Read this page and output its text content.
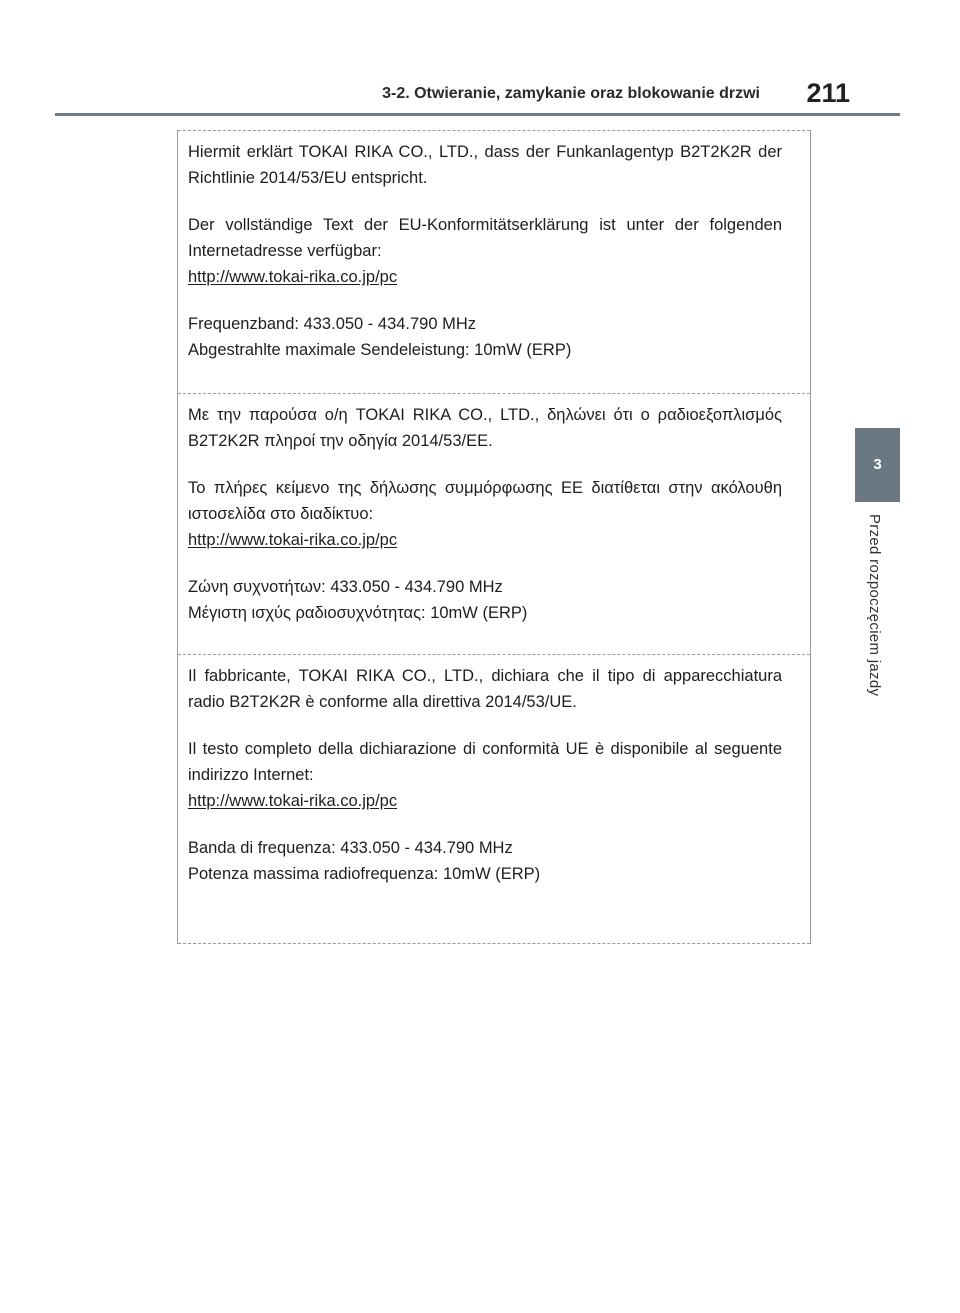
3-2. Otwieranie, zamykanie oraz blokowanie drzwi 211
3
Przed rozpoczęciem jazdy

Hiermit erklärt TOKAI RIKA CO., LTD., dass der Funkanlagentyp B2T2K2R der Richtlinie 2014/53/EU entspricht.

Der vollständige Text der EU-Konformitätserklärung ist unter der folgenden Internetadresse verfügbar:

http://www.tokai-rika.co.jp/pc

Frequenzband: 433.050 - 434.790 MHz
Abgestrahlte maximale Sendeleistung: 10mW (ERP)

Με την παρούσα ο/η TOKAI RIKA CO., LTD., δηλώνει ότι ο ραδιοεξοπλισμός B2T2K2R πληροί την οδηγία 2014/53/ΕΕ.

Το πλήρες κείμενο της δήλωσης συμμόρφωσης ΕΕ διατίθεται στην ακόλουθη ιστοσελίδα στο διαδίκτυο:

http://www.tokai-rika.co.jp/pc

Ζώνη συχνοτήτων: 433.050 - 434.790 MHz
Μέγιστη ισχύς ραδιοσυχνότητας: 10mW (ERP)

Il fabbricante, TOKAI RIKA CO., LTD., dichiara che il tipo di apparecchiatura radio B2T2K2R è conforme alla direttiva 2014/53/UE.

Il testo completo della dichiarazione di conformità UE è disponibile al seguente indirizzo Internet:

http://www.tokai-rika.co.jp/pc

Banda di frequenza: 433.050 - 434.790 MHz
Potenza massima radiofrequenza: 10mW (ERP)
